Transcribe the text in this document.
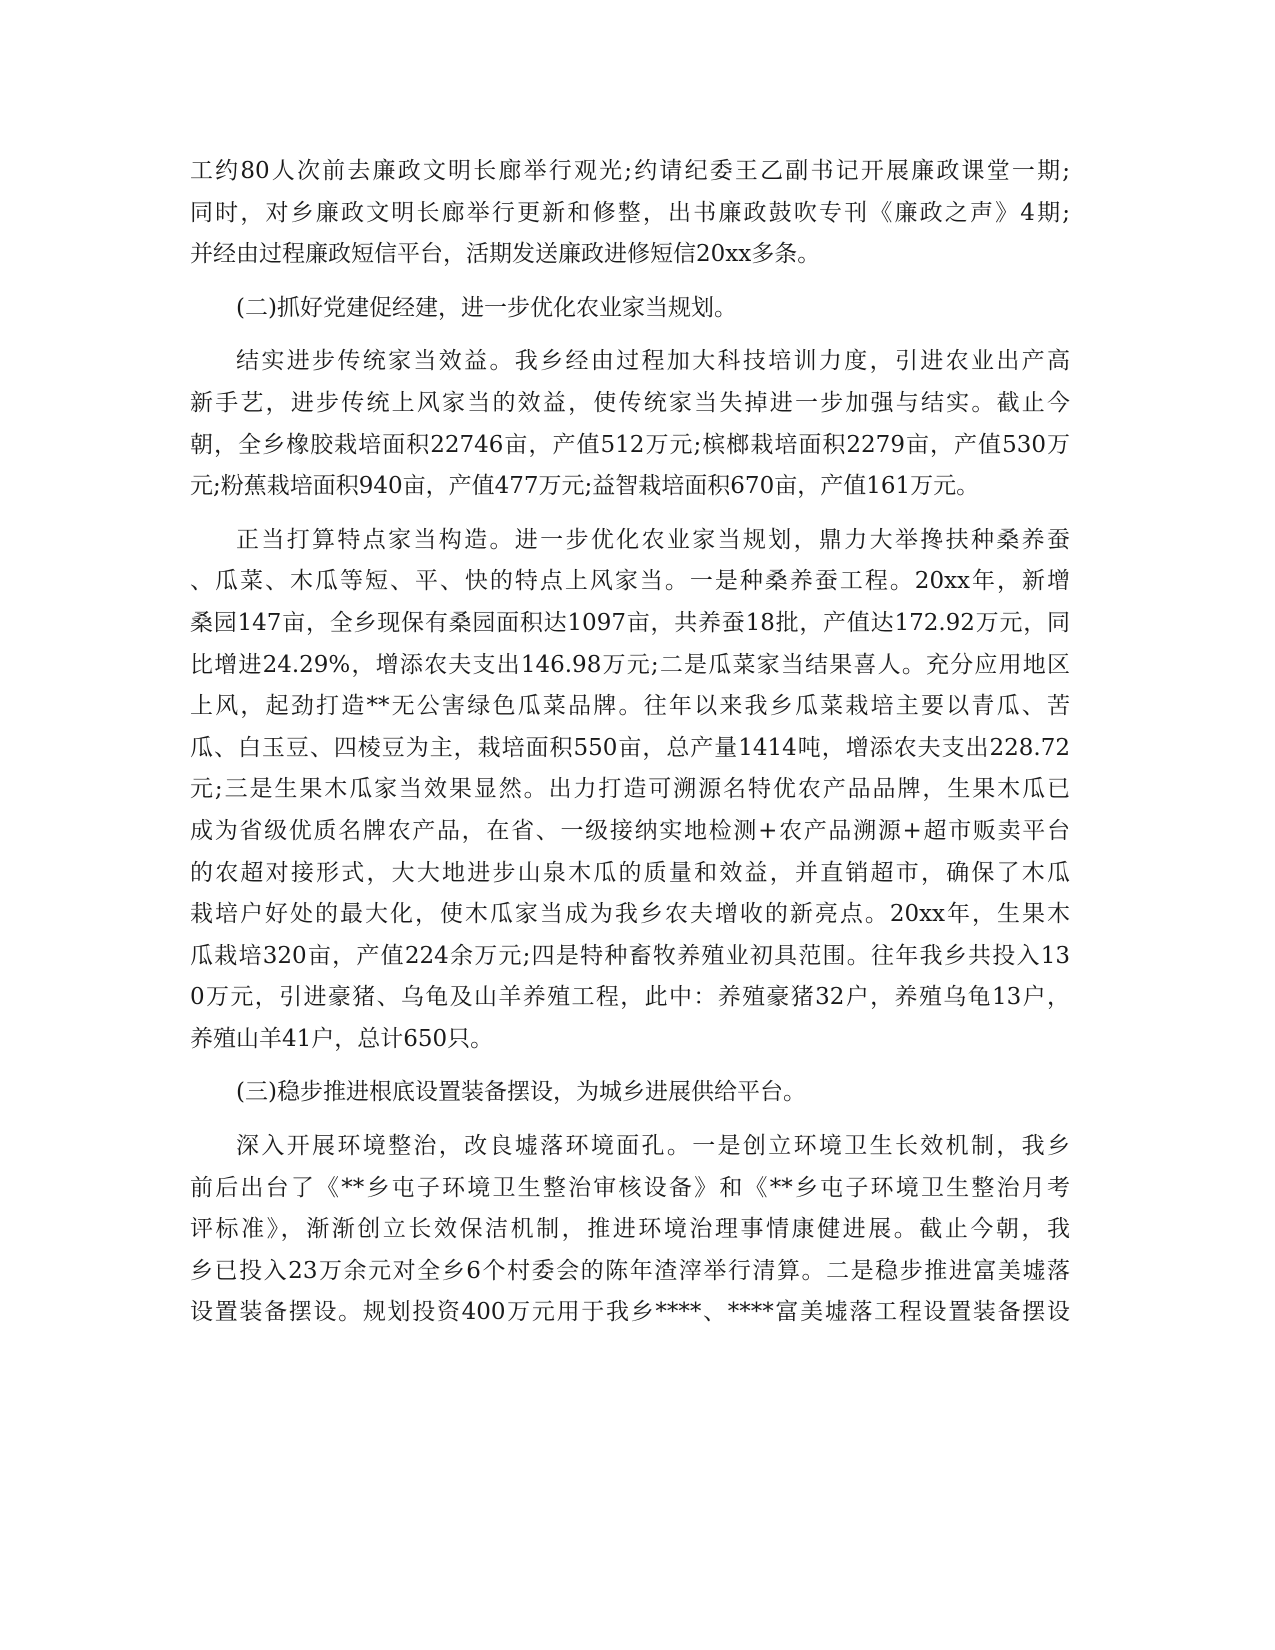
工约80人次前去廉政文明长廊举行观光;约请纪委王乙副书记开展廉政课堂一期;
同时，对乡廉政文明长廊举行更新和修整，出书廉政鼓吹专刊《廉政之声》4期;
并经由过程廉政短信平台，活期发送廉政进修短信20xx多条。
(二)抓好党建促经建，进一步优化农业家当规划。
结实进步传统家当效益。我乡经由过程加大科技培训力度，引进农业出产高
新手艺，进步传统上风家当的效益，使传统家当失掉进一步加强与结实。截止今
朝，全乡橡胶栽培面积22746亩，产值512万元;槟榔栽培面积2279亩，产值530万
元;粉蕉栽培面积940亩，产值477万元;益智栽培面积670亩，产值161万元。
正当打算特点家当构造。进一步优化农业家当规划，鼎力大举搀扶种桑养蚕
、瓜菜、木瓜等短、平、快的特点上风家当。一是种桑养蚕工程。20xx年，新增
桑园147亩，全乡现保有桑园面积达1097亩，共养蚕18批，产值达172.92万元，同
比增进24.29%，增添农夫支出146.98万元;二是瓜菜家当结果喜人。充分应用地区
上风，起劲打造**无公害绿色瓜菜品牌。往年以来我乡瓜菜栽培主要以青瓜、苦
瓜、白玉豆、四棱豆为主，栽培面积550亩，总产量1414吨，增添农夫支出228.72
元;三是生果木瓜家当效果显然。出力打造可溯源名特优农产品品牌，生果木瓜已
成为省级优质名牌农产品，在省、一级接纳实地检测+农产品溯源+超市贩卖平台
的农超对接形式，大大地进步山泉木瓜的质量和效益，并直销超市，确保了木瓜
栽培户好处的最大化，使木瓜家当成为我乡农夫增收的新亮点。20xx年，生果木
瓜栽培320亩，产值224余万元;四是特种畜牧养殖业初具范围。往年我乡共投入13
0万元，引进豪猪、乌龟及山羊养殖工程，此中：养殖豪猪32户，养殖乌龟13户，
养殖山羊41户，总计650只。
(三)稳步推进根底设置装备摆设，为城乡进展供给平台。
深入开展环境整治，改良墟落环境面孔。一是创立环境卫生长效机制，我乡
前后出台了《**乡屯子环境卫生整治审核设备》和《**乡屯子环境卫生整治月考
评标准》，渐渐创立长效保洁机制，推进环境治理事情康健进展。截止今朝，我
乡已投入23万余元对全乡6个村委会的陈年渣滓举行清算。二是稳步推进富美墟落
设置装备摆设。规划投资400万元用于我乡****、****富美墟落工程设置装备摆设
